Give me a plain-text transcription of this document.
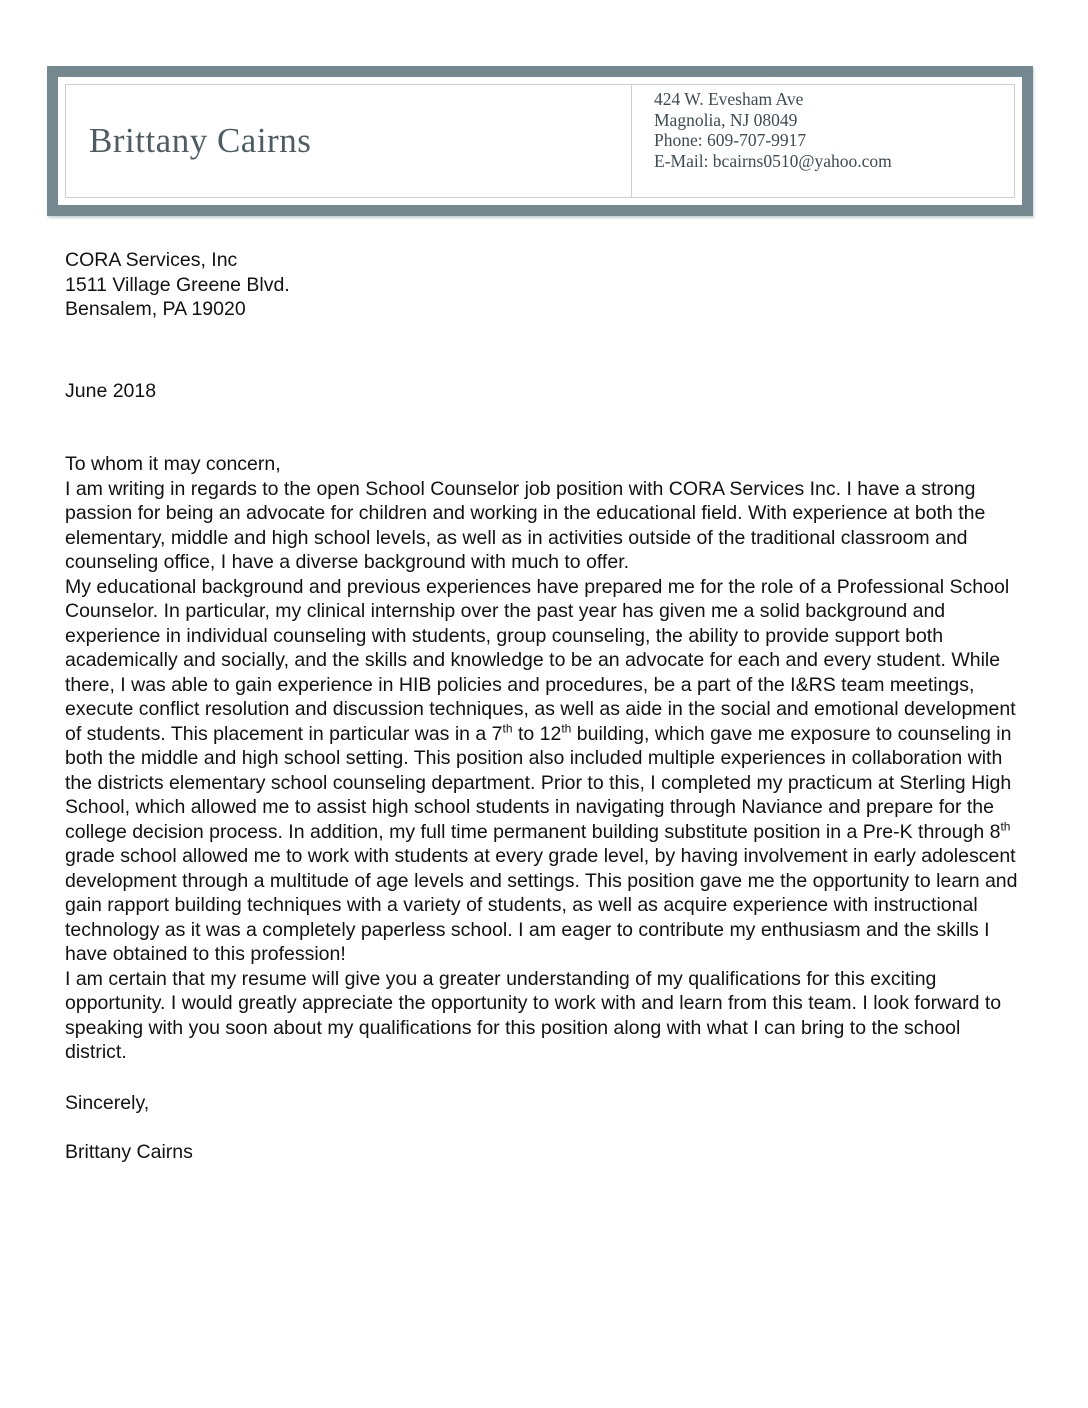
Brittany Cairns
424 W. Evesham Ave
Magnolia, NJ 08049
Phone: 609-707-9917
E-Mail: bcairns0510@yahoo.com
CORA Services, Inc
1511 Village Greene Blvd.
Bensalem, PA 19020
June 2018
To whom it may concern,

I am writing in regards to the open School Counselor job position with CORA Services Inc. I have a strong passion for being an advocate for children and working in the educational field. With experience at both the elementary, middle and high school levels, as well as in activities outside of the traditional classroom and counseling office, I have a diverse background with much to offer.

My educational background and previous experiences have prepared me for the role of a Professional School Counselor. In particular, my clinical internship over the past year has given me a solid background and experience in individual counseling with students, group counseling, the ability to provide support both academically and socially, and the skills and knowledge to be an advocate for each and every student. While there, I was able to gain experience in HIB policies and procedures, be a part of the I&RS team meetings, execute conflict resolution and discussion techniques, as well as aide in the social and emotional development of students. This placement in particular was in a 7th to 12th building, which gave me exposure to counseling in both the middle and high school setting. This position also included multiple experiences in collaboration with the districts elementary school counseling department. Prior to this, I completed my practicum at Sterling High School, which allowed me to assist high school students in navigating through Naviance and prepare for the college decision process. In addition, my full time permanent building substitute position in a Pre-K through 8th grade school allowed me to work with students at every grade level, by having involvement in early adolescent development through a multitude of age levels and settings. This position gave me the opportunity to learn and gain rapport building techniques with a variety of students, as well as acquire experience with instructional technology as it was a completely paperless school. I am eager to contribute my enthusiasm and the skills I have obtained to this profession!

I am certain that my resume will give you a greater understanding of my qualifications for this exciting opportunity. I would greatly appreciate the opportunity to work with and learn from this team. I look forward to speaking with you soon about my qualifications for this position along with what I can bring to the school district.

Sincerely,
Brittany Cairns
